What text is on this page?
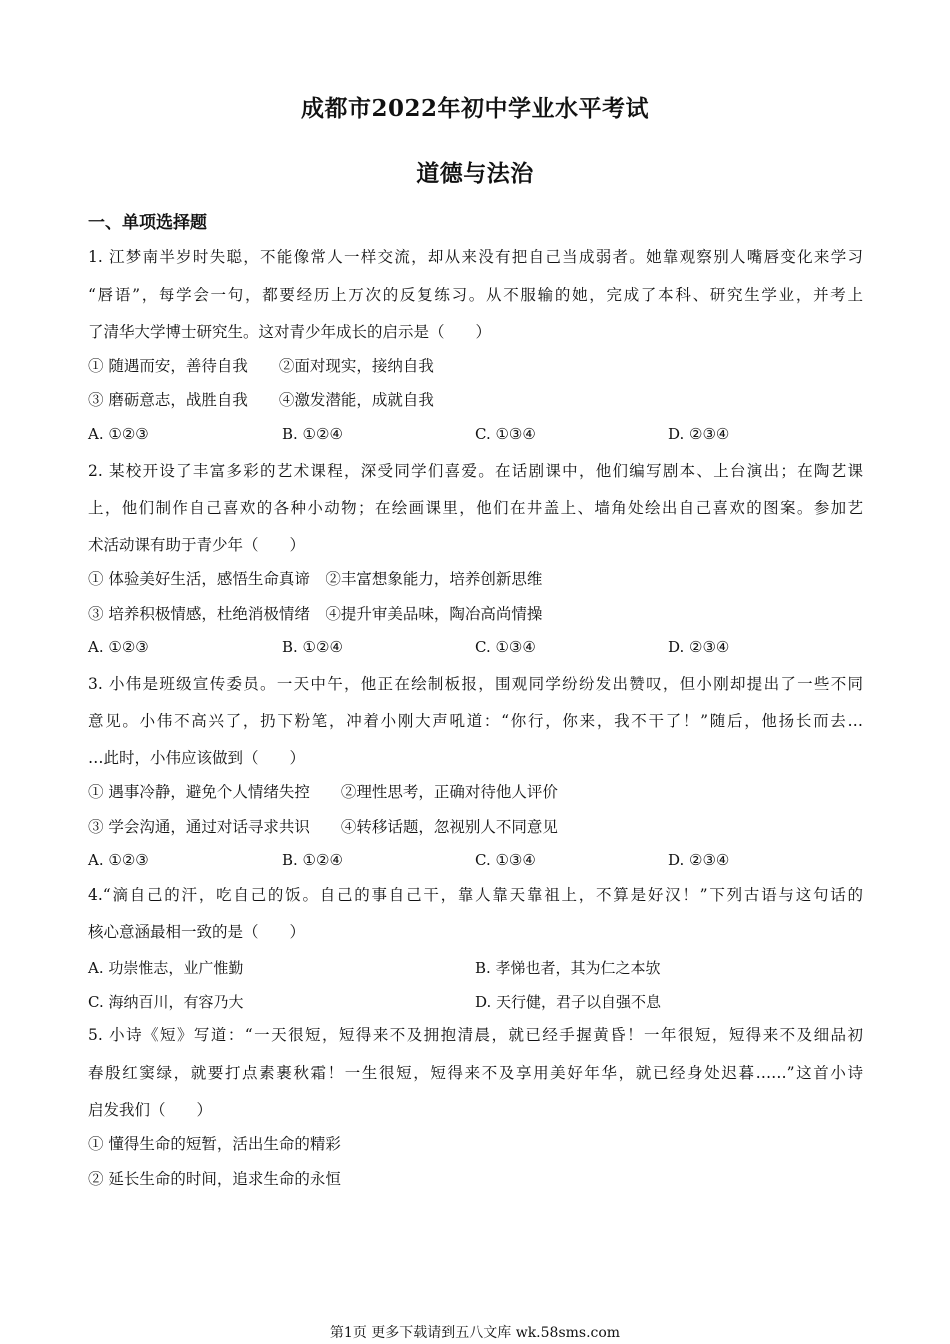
成都市2022年初中学业水平考试
道德与法治
一、单项选择题
1. 江梦南半岁时失聪，不能像常人一样交流，却从来没有把自己当成弱者。她靠观察别人嘴唇变化来学习
“唇语”，每学会一句，都要经历上万次的反复练习。从不服输的她，完成了本科、研究生学业，并考上
了清华大学博士研究生。这对青少年成长的启示是（　　）
① 随遇而安，善待自我　　②面对现实，接纳自我
③ 磨砺意志，战胜自我　　④激发潜能，成就自我
A. ①②③	B. ①②④	C. ①③④	D. ②③④
2. 某校开设了丰富多彩的艺术课程，深受同学们喜爱。在话剧课中，他们编写剧本、上台演出；在陶艺课
上，他们制作自己喜欢的各种小动物；在绘画课里，他们在井盖上、墙角处绘出自己喜欢的图案。参加艺
术活动课有助于青少年（　　）
① 体验美好生活，感悟生命真谛　②丰富想象能力，培养创新思维
③ 培养积极情感，杜绝消极情绪　④提升审美品味，陶冶高尚情操
A. ①②③	B. ①②④	C. ①③④	D. ②③④
3. 小伟是班级宣传委员。一天中午，他正在绘制板报，围观同学纷纷发出赞叹，但小刚却提出了一些不同
意见。小伟不高兴了，扔下粉笔，冲着小刚大声吼道：“你行，你来，我不干了！”随后，他扬长而去…
…此时，小伟应该做到（　　）
① 遇事冷静，避免个人情绪失控　　②理性思考，正确对待他人评价
③ 学会沟通，通过对话寻求共识　　④转移话题，忽视别人不同意见
A. ①②③	B. ①②④	C. ①③④	D. ②③④
4.“滴自己的汗，吃自己的饭。自己的事自己干，靠人靠天靠祖上，不算是好汉！”下列古语与这句话的
核心意涵最相一致的是（　　）
A. 功崇惟志，业广惟勤	B. 孝悌也者，其为仁之本欤
C. 海纳百川，有容乃大	D. 天行健，君子以自强不息
5. 小诗《短》写道：“一天很短，短得来不及拥抱清晨，就已经手握黄昏！一年很短，短得来不及细品初
春殷红窦绿，就要打点素裹秋霜！一生很短，短得来不及享用美好年华，就已经身处迟暮……”这首小诗
启发我们（　　）
① 懂得生命的短暂，活出生命的精彩
② 延长生命的时间，追求生命的永恒
第1页 更多下载请到五八文库 wk.58sms.com
